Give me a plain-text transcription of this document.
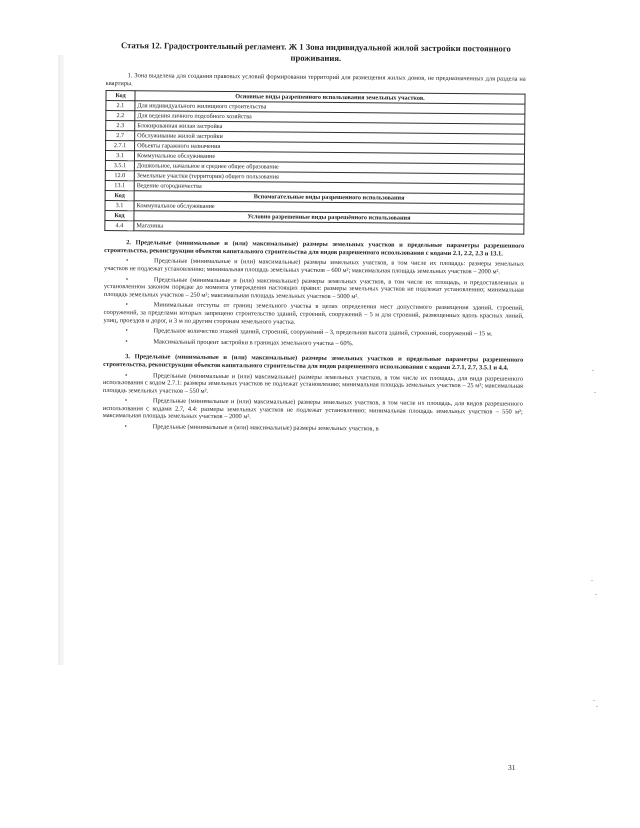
Статья 12. Градостроительный регламент. Ж 1 Зона индивидуальной жилой застройки постоянного проживания.
1. Зона выделена для создания правовых условий формирования территорий для размещения жилых домов, не предназначенных для раздела на квартиры.
Код	Основные виды разрешенного использования земельных участков.
2.1	Для индивидуального жилищного строительства
2.2	Для ведения личного подсобного хозяйства
2.3	Блокированная жилая застройка
2.7	Обслуживание жилой застройки
2.7.1	Объекты гаражного назначения
3.1	Коммунальное обслуживание
3.5.1	Дошкольное, начальное и среднее общее образование
12.0	Земельные участки (территории) общего пользования
13.1	Ведение огородничества
Код	Вспомогательные виды разрешенного использования
3.1	Коммунальное обслуживание
Код	Условно разрешенные виды разрешённого использования
4.4	Магазины
2. Предельные (минимальные и (или) максимальные) размеры земельных участков и предельные параметры разрешенного строительства, реконструкции объектов капитального строительства для видов разрешенного использования с кодами 2.1, 2.2, 2.3 и 13.1.
•	Предельные (минимальные и (или) максимальные) размеры земельных участков, в том числе их площадь: размеры земельных участков не подлежат установлению; минимальная площадь земельных участков – 600 м²; максимальная площадь земельных участков – 2000 м².
•	Предельные (минимальные и (или) максимальные) размеры земельных участков, в том числе их площадь, и предоставленных в установленном законом порядке до момента утверждения настоящих правил: размеры земельных участков не подлежат установлению; минимальная площадь земельных участков – 250 м²; максимальная площадь земельных участков – 5000 м².
•	Минимальные отступы от границ земельного участка в целях определения мест допустимого размещения зданий, строений, сооружений, за пределами которых запрещено строительство зданий, строений, сооружений – 5 м для строений, размещенных вдоль красных линий, улиц, проездов и дорог, и 3 м по другим сторонам земельного участка.
•	Предельное количество этажей зданий, строений, сооружений – 3, предельная высота зданий, строений, сооружений – 15 м.
•	Максимальный процент застройки в границах земельного участка – 60%.
3. Предельные (минимальные и (или) максимальные) размеры земельных участков и предельные параметры разрешенного строительства, реконструкции объектов капитального строительства для видов разрешенного использования с кодами 2.7.1, 2.7, 3.5.1 и 4.4.
•	Предельные (минимальные и (или) максимальные) размеры земельных участков, в том числе их площадь, для вида разрешенного использования с кодом 2.7.1: размеры земельных участков не подлежат установлению; минимальная площадь земельных участков – 25 м²; максимальная площадь земельных участков – 550 м².
•	Предельные (минимальные и (или) максимальные) размеры земельных участков, в том числе их площадь, для видов разрешенного использования с кодами 2.7, 4.4: размеры земельных участков не подлежат установлению; минимальная площадь земельных участков – 550 м²; максимальная площадь земельных участков – 2000 м².
•	Предельные (минимальные и (или) максимальные) размеры земельных участков, в
31
